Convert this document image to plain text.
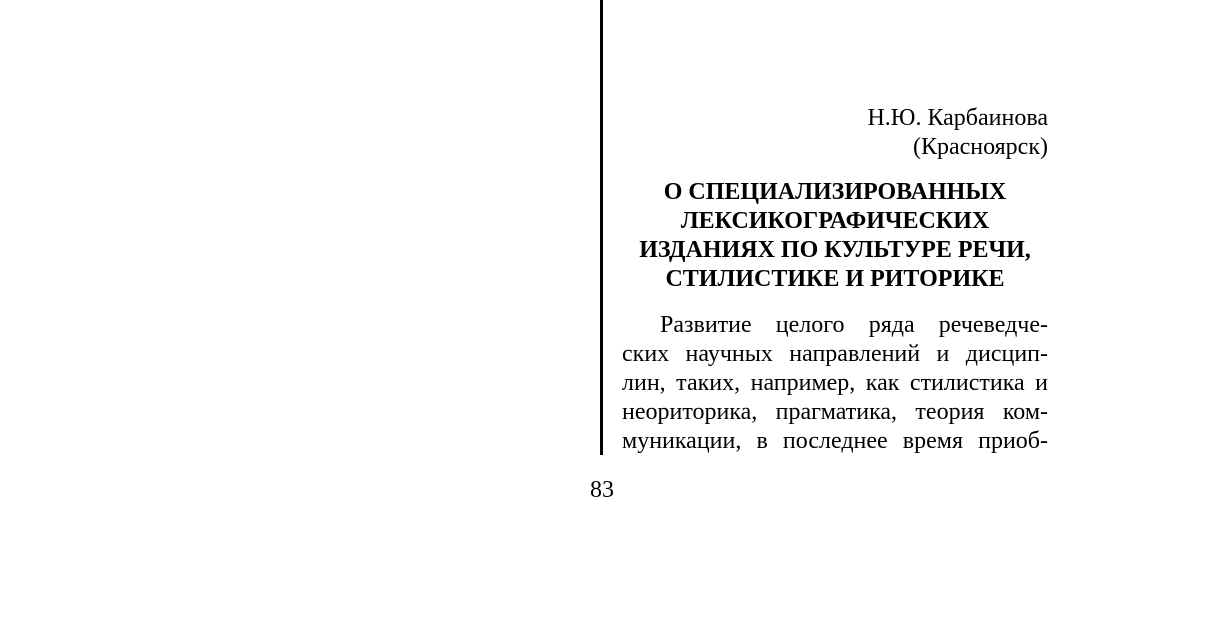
Н.Ю. Карбаинова

(Красноярск)

О СПЕЦИАЛИЗИРОВАННЫХ
ЛЕКСИКОГРАФИЧЕСКИХ
ИЗДАНИЯХ ПО КУЛЬТУРЕ РЕЧИ,
СТИЛИСТИКЕ И РИТОРИКЕ
Развитие целого ряда речеведче-
ских научных направлений и дисцип-
лин, таких, например, как стилистика и
неориторика, прагматика, теория ком-
муникации, в последнее время приоб-
83
